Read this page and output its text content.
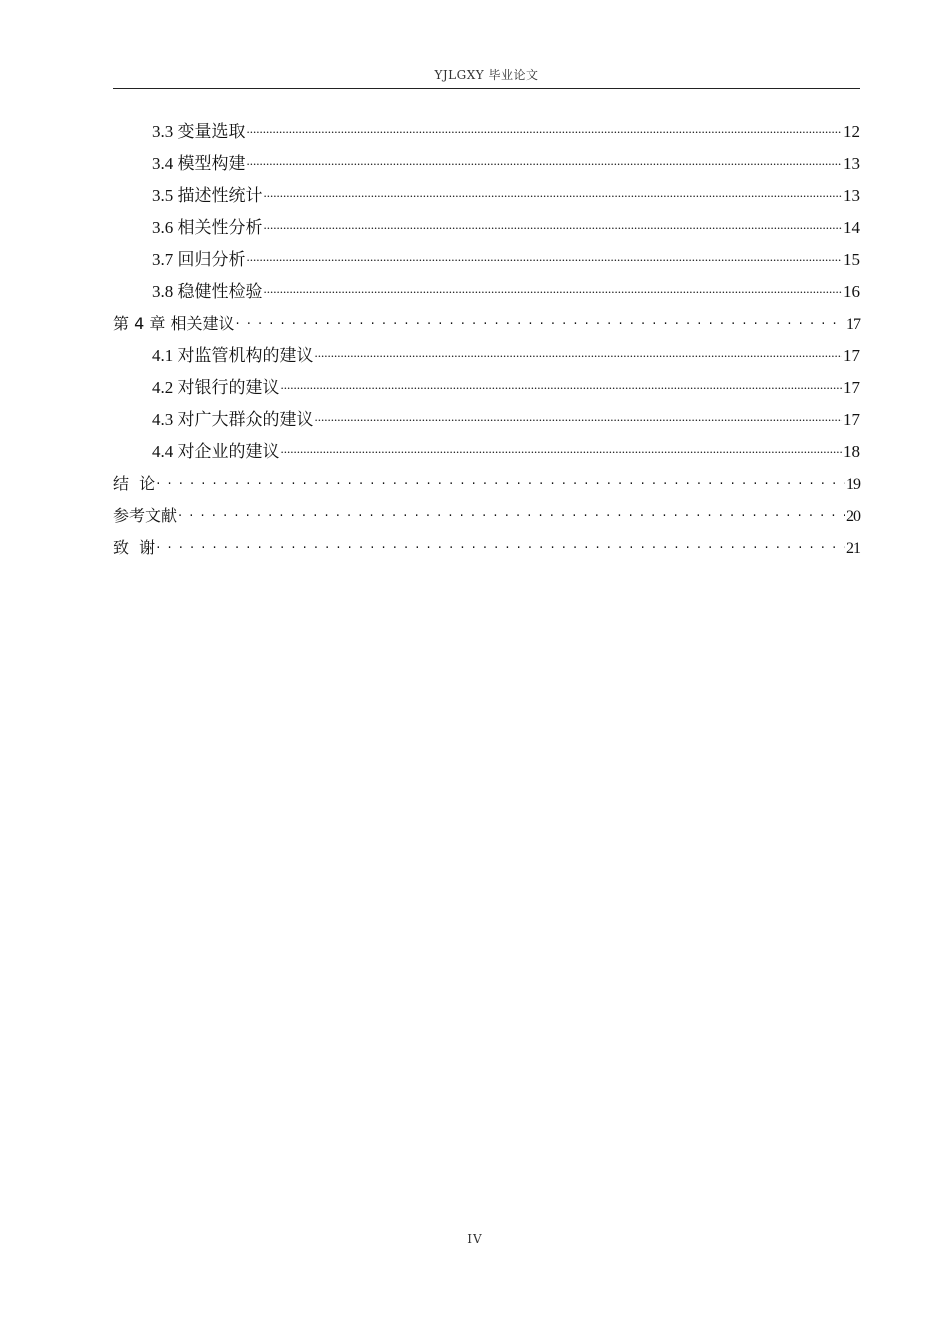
YJLGXY 毕业论文
3.3 变量选取 .....	12
3.4 模型构建 .....	13
3.5 描述性统计 .....	13
3.6 相关性分析 .....	14
3.7 回归分析 .....	15
3.8 稳健性检验 .....	16
第 4 章 相关建议 . . .	17
4.1 对监管机构的建议 .....	17
4.2 对银行的建议 .....	17
4.3 对广大群众的建议 .....	17
4.4 对企业的建议 .....	18
结  论 . . .	19
参考文献 . . .	20
致  谢 . . .	21
IV
